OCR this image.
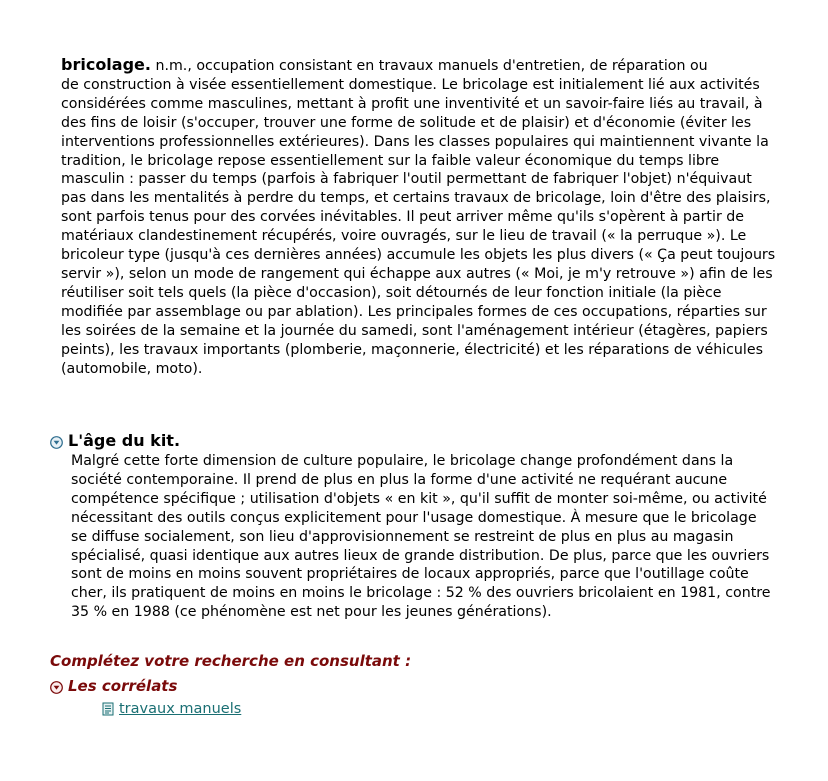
bricolage. n.m., occupation consistant en travaux manuels d'entretien, de réparation ou

de construction à visée essentiellement domestique. Le bricolage est initialement lié aux activités considérées comme masculines, mettant à profit une inventivité et un savoir-faire liés au travail, à des fins de loisir (s'occuper, trouver une forme de solitude et de plaisir) et d'économie (éviter les interventions professionnelles extérieures). Dans les classes populaires qui maintiennent vivante la tradition, le bricolage repose essentiellement sur la faible valeur économique du temps libre masculin : passer du temps (parfois à fabriquer l'outil permettant de fabriquer l'objet) n'équivaut pas dans les mentalités à perdre du temps, et certains travaux de bricolage, loin d'être des plaisirs, sont parfois tenus pour des corvées inévitables. Il peut arriver même qu'ils s'opèrent à partir de matériaux clandestinement récupérés, voire ouvragés, sur le lieu de travail (« la perruque »). Le bricoleur type (jusqu'à ces dernières années) accumule les objets les plus divers (« Ça peut toujours servir »), selon un mode de rangement qui échappe aux autres (« Moi, je m'y retrouve ») afin de les réutiliser soit tels quels (la pièce d'occasion), soit détournés de leur fonction initiale (la pièce modifiée par assemblage ou par ablation). Les principales formes de ces occupations, réparties sur les soirées de la semaine et la journée du samedi, sont l'aménagement intérieur (étagères, papiers peints), les travaux importants (plomberie, maçonnerie, électricité) et les réparations de véhicules (automobile, moto).

L'âge du kit.
Malgré cette forte dimension de culture populaire, le bricolage change profondément dans la société contemporaine. Il prend de plus en plus la forme d'une activité ne requérant aucune compétence spécifique ; utilisation d'objets « en kit », qu'il suffit de monter soi-même, ou activité nécessitant des outils conçus explicitement pour l'usage domestique. À mesure que le bricolage se diffuse socialement, son lieu d'approvisionnement se restreint de plus en plus au magasin spécialisé, quasi identique aux autres lieux de grande distribution. De plus, parce que les ouvriers sont de moins en moins souvent propriétaires de locaux appropriés, parce que l'outillage coûte cher, ils pratiquent de moins en moins le bricolage : 52 % des ouvriers bricolaient en 1981, contre 35 % en 1988 (ce phénomène est net pour les jeunes générations).
Complétez votre recherche en consultant :
Les corrélats
travaux manuels
